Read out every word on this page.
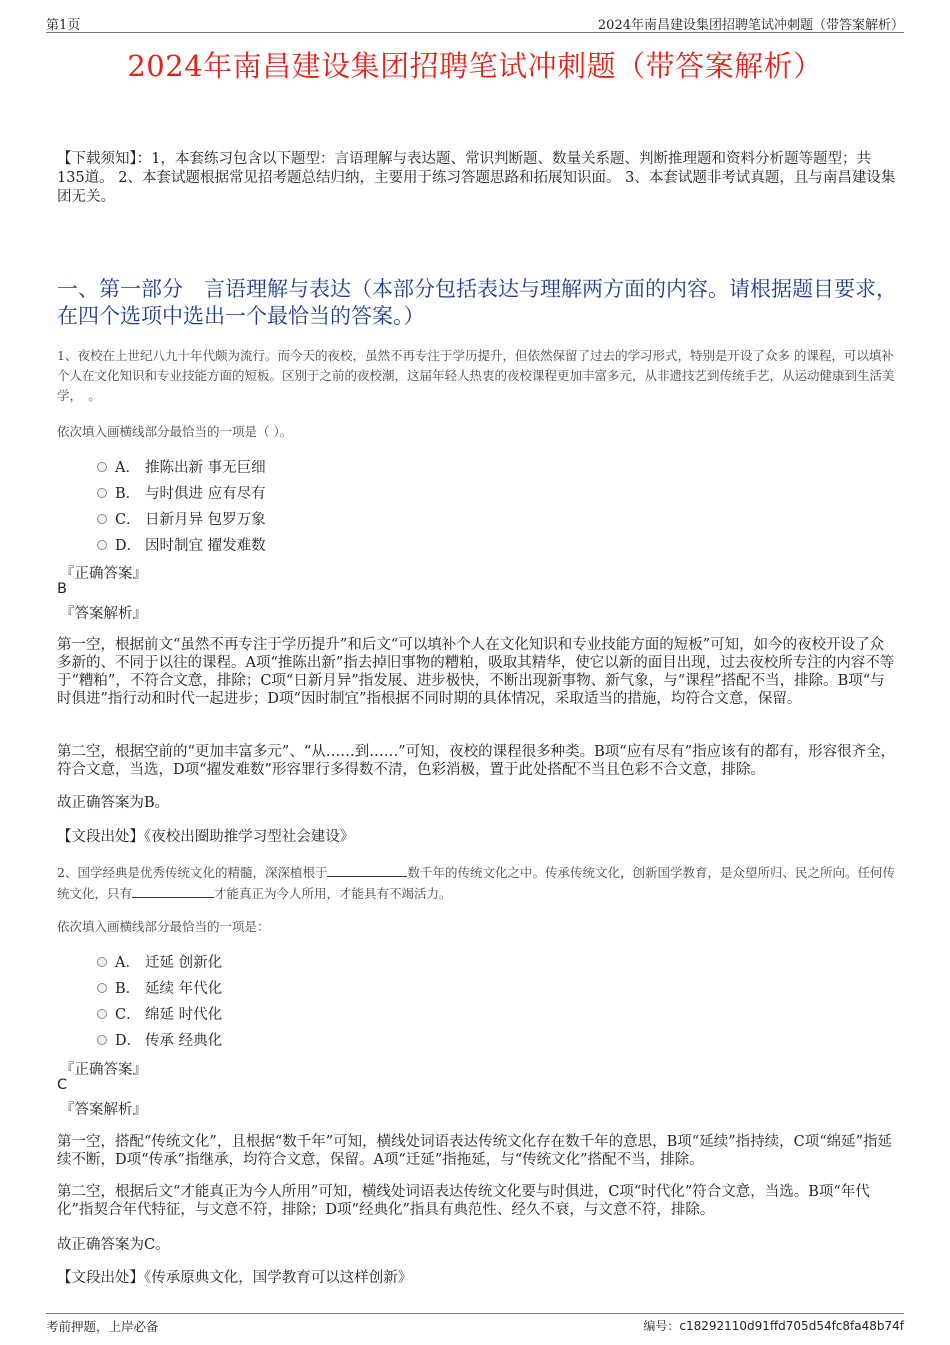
第1页	2024年南昌建设集团招聘笔试冲刺题（带答案解析）
2024年南昌建设集团招聘笔试冲刺题（带答案解析）
【下载须知】：1，本套练习包含以下题型：言语理解与表达题、常识判断题、数量关系题、判断推理题和资料分析题等题型；共135道。 2、本套试题根据常见招考题总结归纳，主要用于练习答题思路和拓展知识面。 3、本套试题非考试真题，且与南昌建设集团无关。
一、第一部分　言语理解与表达（本部分包括表达与理解两方面的内容。请根据题目要求，在四个选项中选出一个最恰当的答案。）
1、夜校在上世纪八九十年代颇为流行。而今天的夜校，虽然不再专注于学历提升，但依然保留了过去的学习形式，特别是开设了众多 的课程，可以填补个人在文化知识和专业技能方面的短板。区别于之前的夜校潮，这届年轻人热衷的夜校课程更加丰富多元，从非遗技艺到传统手艺，从运动健康到生活美学，　。
依次填入画横线部分最恰当的一项是（ ）。
A． 推陈出新 事无巨细
B． 与时俱进 应有尽有
C． 日新月异 包罗万象
D． 因时制宜 擢发难数
『正确答案』
B
『答案解析』
第一空，根据前文“虽然不再专注于学历提升”和后文“可以填补个人在文化知识和专业技能方面的短板”可知，如今的夜校开设了众多新的、不同于以往的课程。A项“推陈出新”指去掉旧事物的糟粕，吸取其精华，使它以新的面目出现，过去夜校所专注的内容不等于“糟粕”，不符合文意，排除；C项“日新月异”指发展、进步极快，不断出现新事物、新气象，与“课程”搭配不当，排除。B项“与时俱进”指行动和时代一起进步；D项“因时制宜”指根据不同时期的具体情况，采取适当的措施，均符合文意，保留。
第二空，根据空前的“更加丰富多元”、“从……到……”可知，夜校的课程很多种类。B项“应有尽有”指应该有的都有，形容很齐全，符合文意，当选，D项“擢发难数”形容罪行多得数不清，色彩消极，置于此处搭配不当且色彩不合文意，排除。
故正确答案为B。
【文段出处】《夜校出圈助推学习型社会建设》
2、国学经典是优秀传统文化的精髓，深深植根于	数千年的传统文化之中。传承传统文化，创新国学教育，是众望所归、民之所向。任何传统文化，只有	才能真正为今人所用，才能具有不竭活力。
依次填入画横线部分最恰当的一项是：
A． 迁延 创新化
B． 延续 年代化
C． 绵延 时代化
D． 传承 经典化
『正确答案』
C
『答案解析』
第一空，搭配“传统文化”，且根据“数千年”可知，横线处词语表达传统文化存在数千年的意思，B项“延续”指持续，C项“绵延”指延续不断，D项“传承”指继承，均符合文意，保留。A项“迁延”指拖延，与“传统文化”搭配不当，排除。
第二空，根据后文“才能真正为今人所用”可知，横线处词语表达传统文化要与时俱进，C项“时代化”符合文意，当选。B项“年代化”指契合年代特征，与文意不符，排除；D项“经典化”指具有典范性、经久不衰，与文意不符，排除。
故正确答案为C。
【文段出处】《传承原典文化，国学教育可以这样创新》
考前押题，上岸必备	编号：c18292110d91ffd705d54fc8fa48b74f
